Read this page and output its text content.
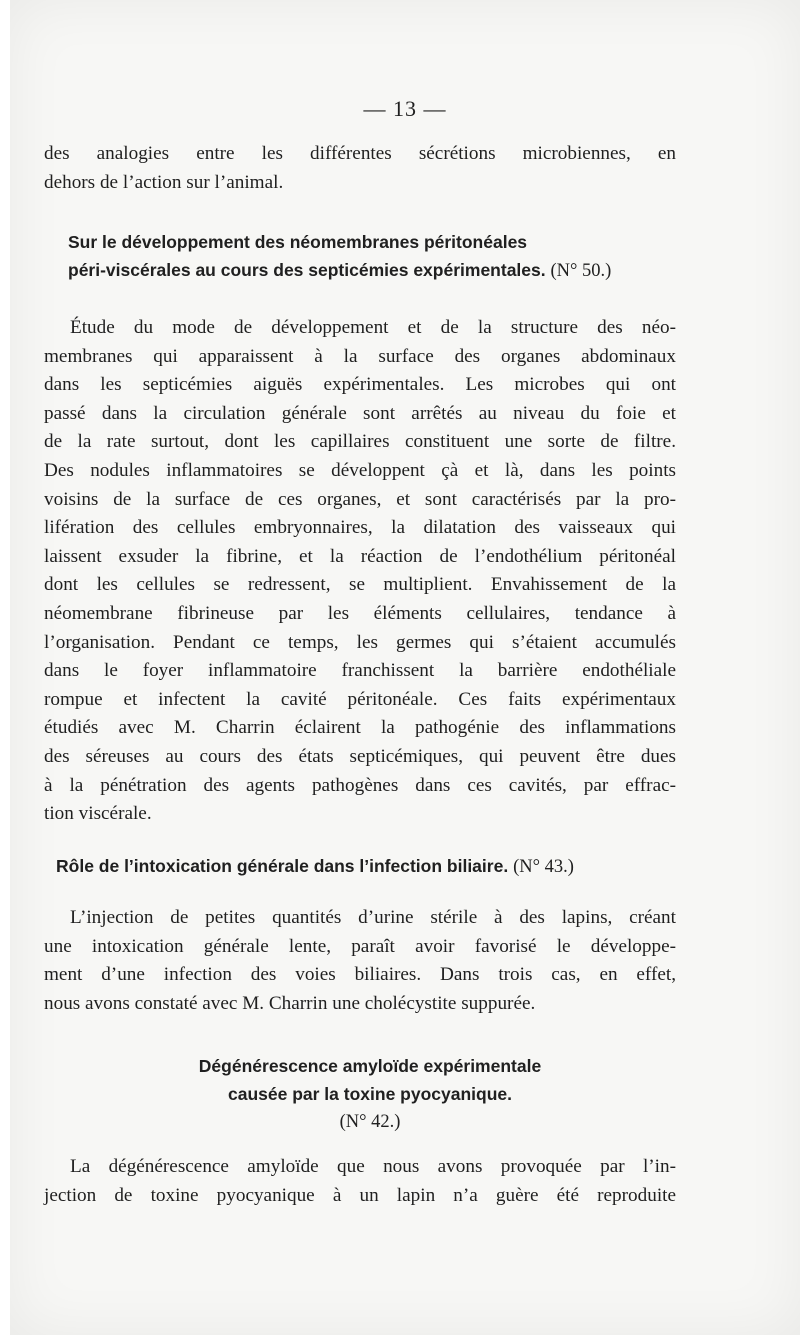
— 13 —
des analogies entre les différentes sécrétions microbiennes, en
dehors de l’action sur l’animal.
Sur le développement des néomembranes péritonéales
péri-viscérales au cours des septicémies expérimentales. (N° 50.)
Étude du mode de développement et de la structure des néo-
membranes qui apparaissent à la surface des organes abdominaux
dans les septicémies aiguës expérimentales. Les microbes qui ont
passé dans la circulation générale sont arrêtés au niveau du foie et
de la rate surtout, dont les capillaires constituent une sorte de filtre.
Des nodules inflammatoires se développent çà et là, dans les points
voisins de la surface de ces organes, et sont caractérisés par la pro-
lifération des cellules embryonnaires, la dilatation des vaisseaux qui
laissent exsuder la fibrine, et la réaction de l’endothélium péritonéal
dont les cellules se redressent, se multiplient. Envahissement de la
néomembrane fibrineuse par les éléments cellulaires, tendance à
l’organisation. Pendant ce temps, les germes qui s’étaient accumulés
dans le foyer inflammatoire franchissent la barrière endothéliale
rompue et infectent la cavité péritonéale. Ces faits expérimentaux
étudiés avec M. Charrin éclairent la pathogénie des inflammations
des séreuses au cours des états septicémiques, qui peuvent être dues
à la pénétration des agents pathogènes dans ces cavités, par effrac-
tion viscérale.
Rôle de l’intoxication générale dans l’infection biliaire. (N° 43.)
L’injection de petites quantités d’urine stérile à des lapins, créant
une intoxication générale lente, paraît avoir favorisé le développe-
ment d’une infection des voies biliaires. Dans trois cas, en effet,
nous avons constaté avec M. Charrin une cholécystite suppurée.
Dégénérescence amyloïde expérimentale
causée par la toxine pyocyanique.
(N° 42.)
La dégénérescence amyloïde que nous avons provoquée par l’in-
jection de toxine pyocyanique à un lapin n’a guère été reproduite
